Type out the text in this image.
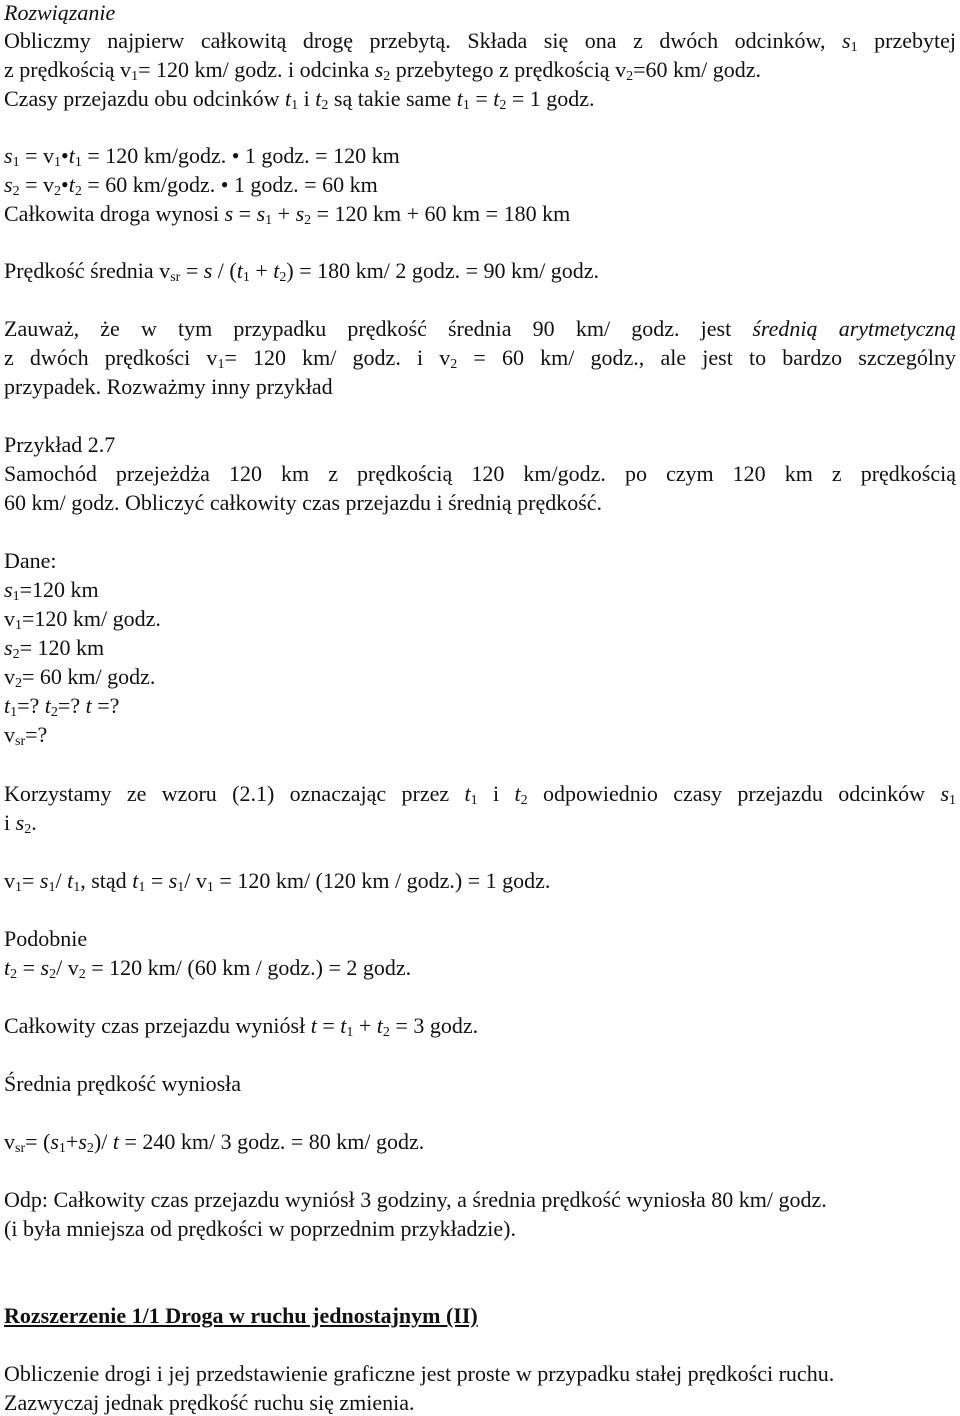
Rozwiązanie
Obliczmy najpierw całkowitą drogę przebytą. Składa się ona z dwóch odcinków, $s_1$ przebytej
z prędkością $v_1= 120$ km/ godz. i odcinka $s_2$ przebytego z prędkością $v_2=60$ km/ godz.
Czasy przejazdu obu odcinków $t_1$ i $t_2$ są takie same $t_1 = t_2 = 1$ godz.
$s_1$ = $v_1•t_1 = 120$ km/godz. • 1 godz. = 120 km
$s_2$ = $v_2•t_2 = 60$ km/godz. • 1 godz. = 60 km
Całkowita droga wynosi $s = s_1 + s_2 = 120$ km + 60 km = 180 km
Prędkość średnia $v_{sr} = s / (t_1 + t_2) = 180$ km/ 2 godz. = 90 km/ godz.
Zauważ, że w tym przypadku prędkość średnia 90 km/ godz. jest średnią arytmetyczną
z dwóch prędkości $v_1= 120$ km/ godz. i $v_2 = 60$ km/ godz., ale jest to bardzo szczególny
przypadek. Rozważmy inny przykład
Przykład 2.7
Samochód przejeżdża 120 km z prędkością 120 km/godz. po czym 120 km z prędkością
60 km/ godz. Obliczyć całkowity czas przejazdu i średnią prędkość.
Dane:
$s_1=120$ km
$v_1=120$ km/ godz.
$s_2= 120$ km
$v_2= 60$ km/ godz.
$t_1=$? $t_2=$? t =?
$v_{sr}=$?
Korzystamy ze wzoru (2.1) oznaczając przez $t_1$ i $t_2$ odpowiednio czasy przejazdu odcinków $s_1$
i $s_2$.
$v_1= s_1/$ $t_1$, stąd $t_1 = s_1/$ $v_1 = 120$ km/ (120 km / godz.) = 1 godz.
Podobnie
$t_2 = s_2/$ $v_2 = 120$ km/ (60 km / godz.) = 2 godz.
Całkowity czas przejazdu wyniósł $t = t_1 + t_2 = 3$ godz.
Średnia prędkość wyniosła
$v_{sr}= (s_1+s_2)/$ t = 240 km/ 3 godz. = 80 km/ godz.
Odp: Całkowity czas przejazdu wyniósł 3 godziny, a średnia prędkość wyniosła 80 km/ godz.
(i była mniejsza od prędkości w poprzednim przykładzie).
Rozszerzenie 1/1 Droga w ruchu jednostajnym (II)
Obliczenie drogi i jej przedstawienie graficzne jest proste w przypadku stałej prędkości ruchu.
Zazwyczaj jednak prędkość ruchu się zmienia.
